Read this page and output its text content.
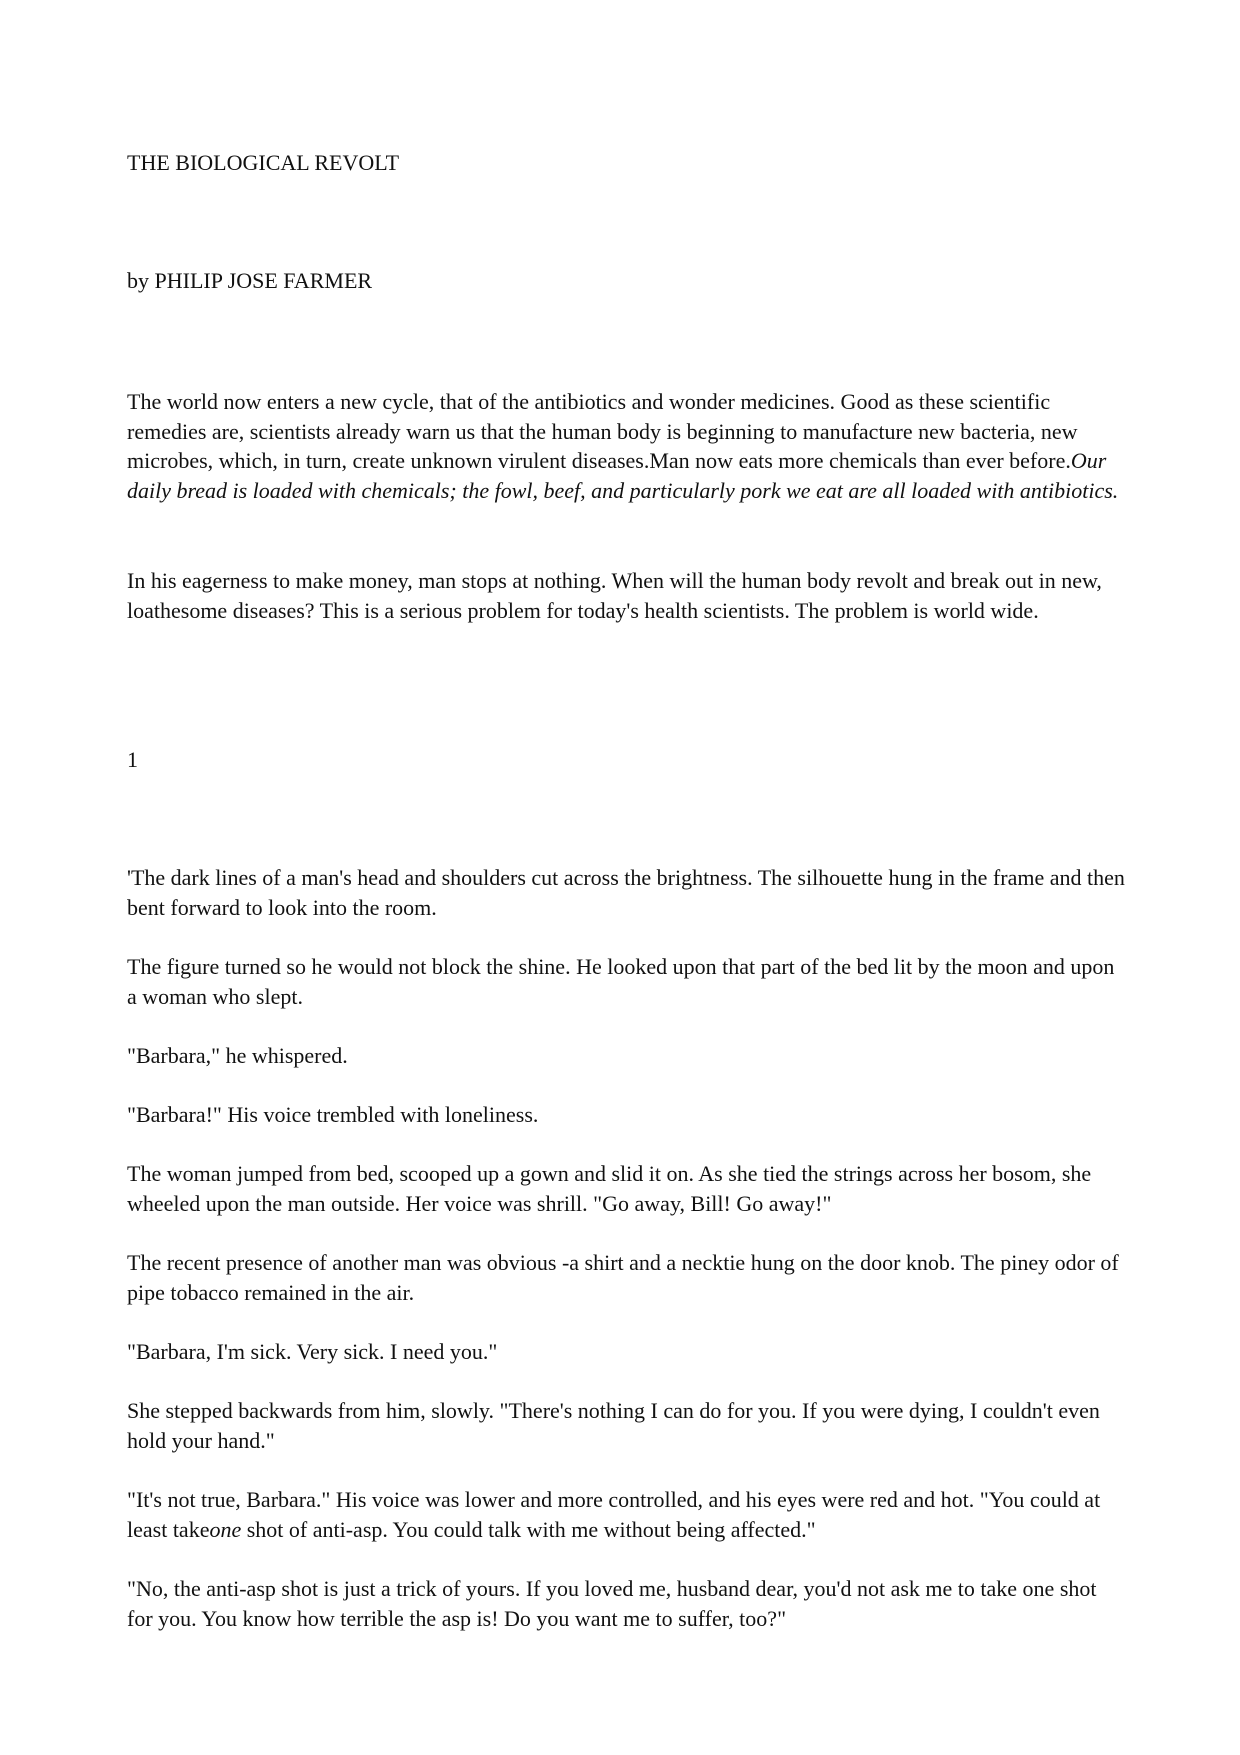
THE BIOLOGICAL REVOLT

by PHILIP JOSE FARMER

The world now enters a new cycle, that of the antibiotics and wonder medicines. Good as these scientific remedies are, scientists already warn us that the human body is beginning to manufacture new bacteria, new microbes, which, in turn, create unknown virulent diseases.Man now eats more chemicals than ever before.Our daily bread is loaded with chemicals; the fowl, beef, and particularly pork we eat are all loaded with antibiotics.

In his eagerness to make money, man stops at nothing. When will the human body revolt and break out in new, loathesome diseases? This is a serious problem for today's health scientists. The problem is world wide.

1

'The dark lines of a man's head and shoulders cut across the brightness. The silhouette hung in the frame and then bent forward to look into the room.

The figure turned so he would not block the shine. He looked upon that part of the bed lit by the moon and upon a woman who slept.

"Barbara," he whispered.

"Barbara!" His voice trembled with loneliness.

The woman jumped from bed, scooped up a gown and slid it on. As she tied the strings across her bosom, she wheeled upon the man outside. Her voice was shrill. "Go away, Bill! Go away!"

The recent presence of another man was obvious -a shirt and a necktie hung on the door knob. The piney odor of pipe tobacco remained in the air.

"Barbara, I'm sick. Very sick. I need you."

She stepped backwards from him, slowly. "There's nothing I can do for you. If you were dying, I couldn't even hold your hand."

"It's not true, Barbara." His voice was lower and more controlled, and his eyes were red and hot. "You could at least takeone shot of anti-asp. You could talk with me without being affected."

"No, the anti-asp shot is just a trick of yours. If you loved me, husband dear, you'd not ask me to take one shot for you. You know how terrible the asp is! Do you want me to suffer, too?"
